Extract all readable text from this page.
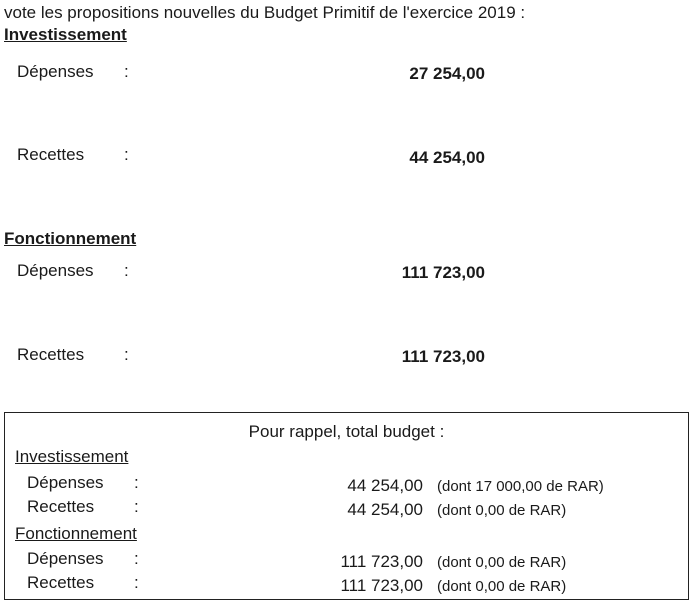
vote les propositions nouvelles du Budget Primitif de l'exercice 2019 :
Investissement
Dépenses :	27 254,00
Recettes :	44 254,00
Fonctionnement
Dépenses :	111 723,00
Recettes :	111 723,00
Pour rappel, total budget :
Investissement
Dépenses :	44 254,00 (dont 17 000,00 de RAR)
Recettes :	44 254,00 (dont 0,00 de RAR)
Fonctionnement
Dépenses :	111 723,00 (dont 0,00 de RAR)
Recettes :	111 723,00 (dont 0,00 de RAR)
